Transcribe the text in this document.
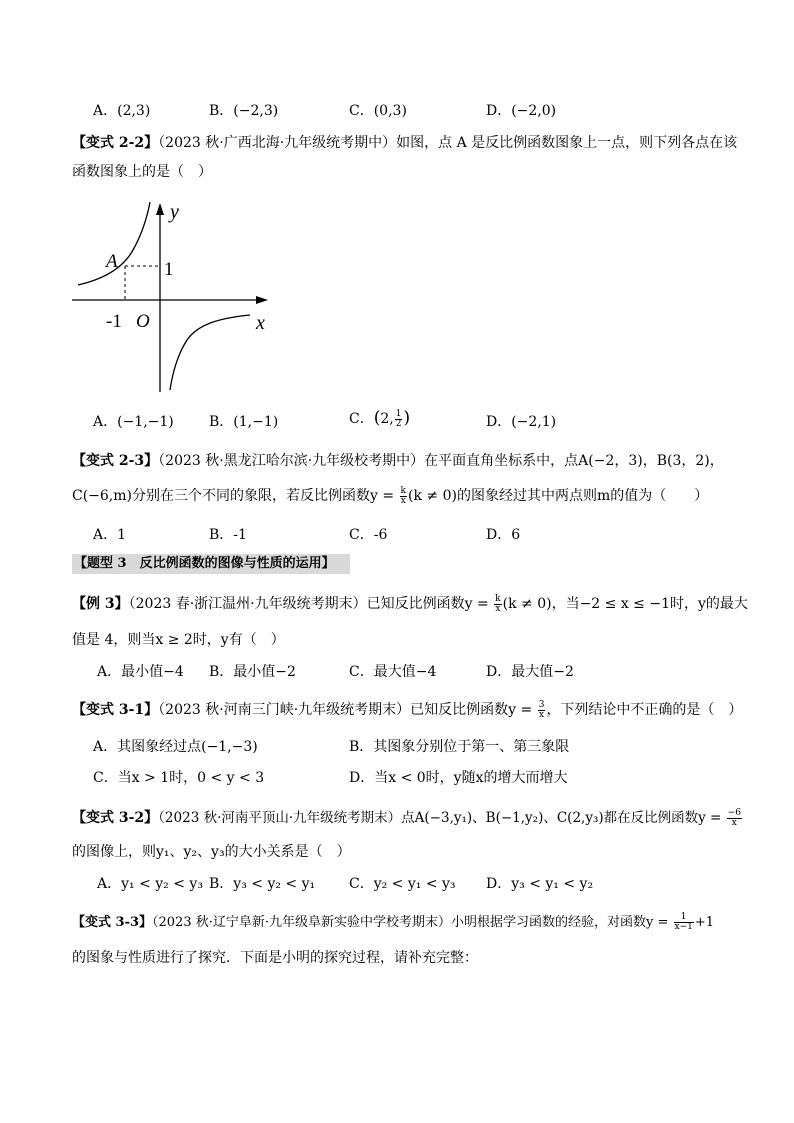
A．(2,3)	B．(−2,3)	C．(0,3)	D．(−2,0)
【变式 2-2】（2023 秋·广西北海·九年级统考期中）如图，点 A 是反比例函数图象上一点，则下列各点在该
函数图象上的是（　）
y
x
A 1
-1 O
A．(−1,−1)	B．(1,−1)	C．(2, $\frac{1}{2}$ )	D．(−2,1)
【变式 2-3】（2023 秋·黑龙江哈尔滨·九年级校考期中）在平面直角坐标系中，点A(−2，3)，B(3，2)，
C(−6,m)分别在三个不同的象限，若反比例函数$y = \frac{k}{x} (k \ne 0)$的图象经过其中两点则m的值为（　　）
A．1	B．-1	C．-6	D．6
【题型 3　反比例函数的图像与性质的运用】
【例 3】（2023 春·浙江温州·九年级统考期末）已知反比例函数$y = \frac{k}{x} (k \ne 0)$，当−2 ≤ x ≤ −1时，y的最大
值是 4，则当x ≥ 2时，y有（　）
A．最小值−4 B．最小值−2	C．最大值−4	D．最大值−2
【变式 3-1】（2023 秋·河南三门峡·九年级统考期末）已知反比例函数$y = \frac{3}{x}$ ，下列结论中不正确的是（　）
A．其图象经过点(−1,−3)	B．其图象分别位于第一、第三象限
C．当x > 1时，0 < y < 3	D．当x < 0时，y随x的增大而增大
【变式 3-2】（2023 秋·河南平顶山·九年级统考期末）点A(−3,y₁)、B(−1,y₂)、C(2,y₃)都在反比例函数$y = \frac{-6}{x}$
的图像上，则y₁、y₂、y₃的大小关系是（　）
A．y₁ < y₂ < y₃ B．y₃ < y₂ < y₁ C．y₂ < y₁ < y₃ D．y₃ < y₁ < y₂
【变式 3-3】（2023 秋·辽宁阜新·九年级阜新实验中学校考期末）小明根据学习函数的经验，对函数$y = \frac{1}{x-1} +1$
的图象与性质进行了探究．下面是小明的探究过程，请补充完整：
